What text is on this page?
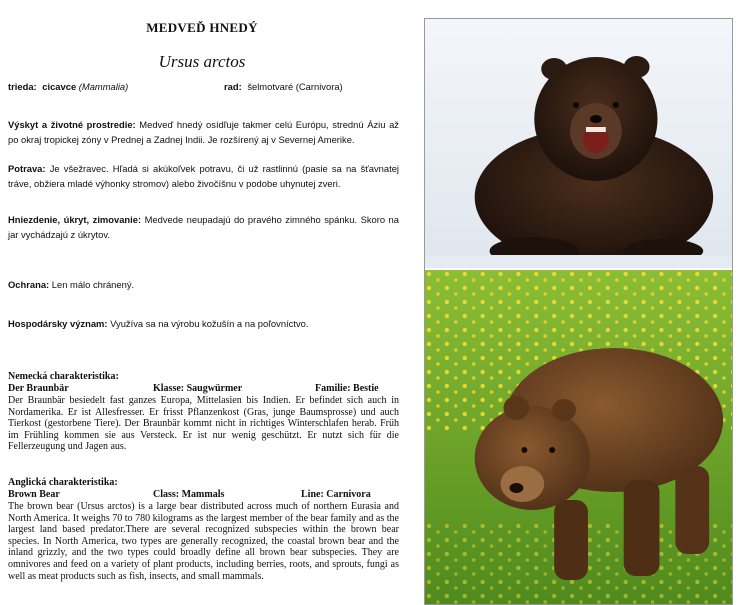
MEDVEĎ HNEDÝ
Ursus arctos
trieda: cicavce (Mammalia)	rad: šelmotvaré (Carnivora)
Výskyt a životné prostredie: Medveď hnedý osídľuje takmer celú Európu, strednú Áziu až po okraj tropickej zóny v Prednej a Zadnej Indii. Je rozšírený aj v Severnej Amerike.
Potrava: Je všežravec. Hľadá si akúkoľvek potravu, či už rastlinnú (pasie sa na šťavnatej tráve, obžiera mladé výhonky stromov) alebo živočíšnu v podobe uhynutej zveri.
Hniezdenie, úkryt, zimovanie: Medvede neupadajú do pravého zimného spánku. Skoro na jar vychádzajú z úkrytov.
Ochrana: Len málo chránený.
Hospodársky význam: Využíva sa na výrobu kožušín a na poľovníctvo.
Nemecká charakteristika:
Der Braunbär	Klasse: Saugwürmer	Familie: Bestie
Der Braunbär besiedelt fast ganzes Europa, Mittelasien bis Indien. Er befindet sich auch in Nordamerika. Er ist Allesfresser. Er frisst Pflanzenkost (Gras, junge Baumsprosse) und auch Tierkost (gestorbene Tiere). Der Braunbär kommt nicht in richtiges Winterschlafen herab. Früh im Frühling kommen sie aus Versteck. Er ist nur wenig geschützt. Er nutzt sich für die Fellerzeugung und Jagen aus.
Anglická charakteristika:
Brown Bear	Class: Mammals	Line: Carnivora
The brown bear (Ursus arctos) is a large bear distributed across much of northern Eurasia and North America. It weighs 70 to 780 kilograms as the largest member of the bear family and as the largest land based predator.There are several recognized subspecies within the brown bear species. In North America, two types are generally recognized, the coastal brown bear and the inland grizzly, and the two types could broadly define all brown bear subspecies. They are omnivores and feed on a variety of plant products, including berries, roots, and sprouts, fungi as well as meat products such as fish, insects, and small mammals.
